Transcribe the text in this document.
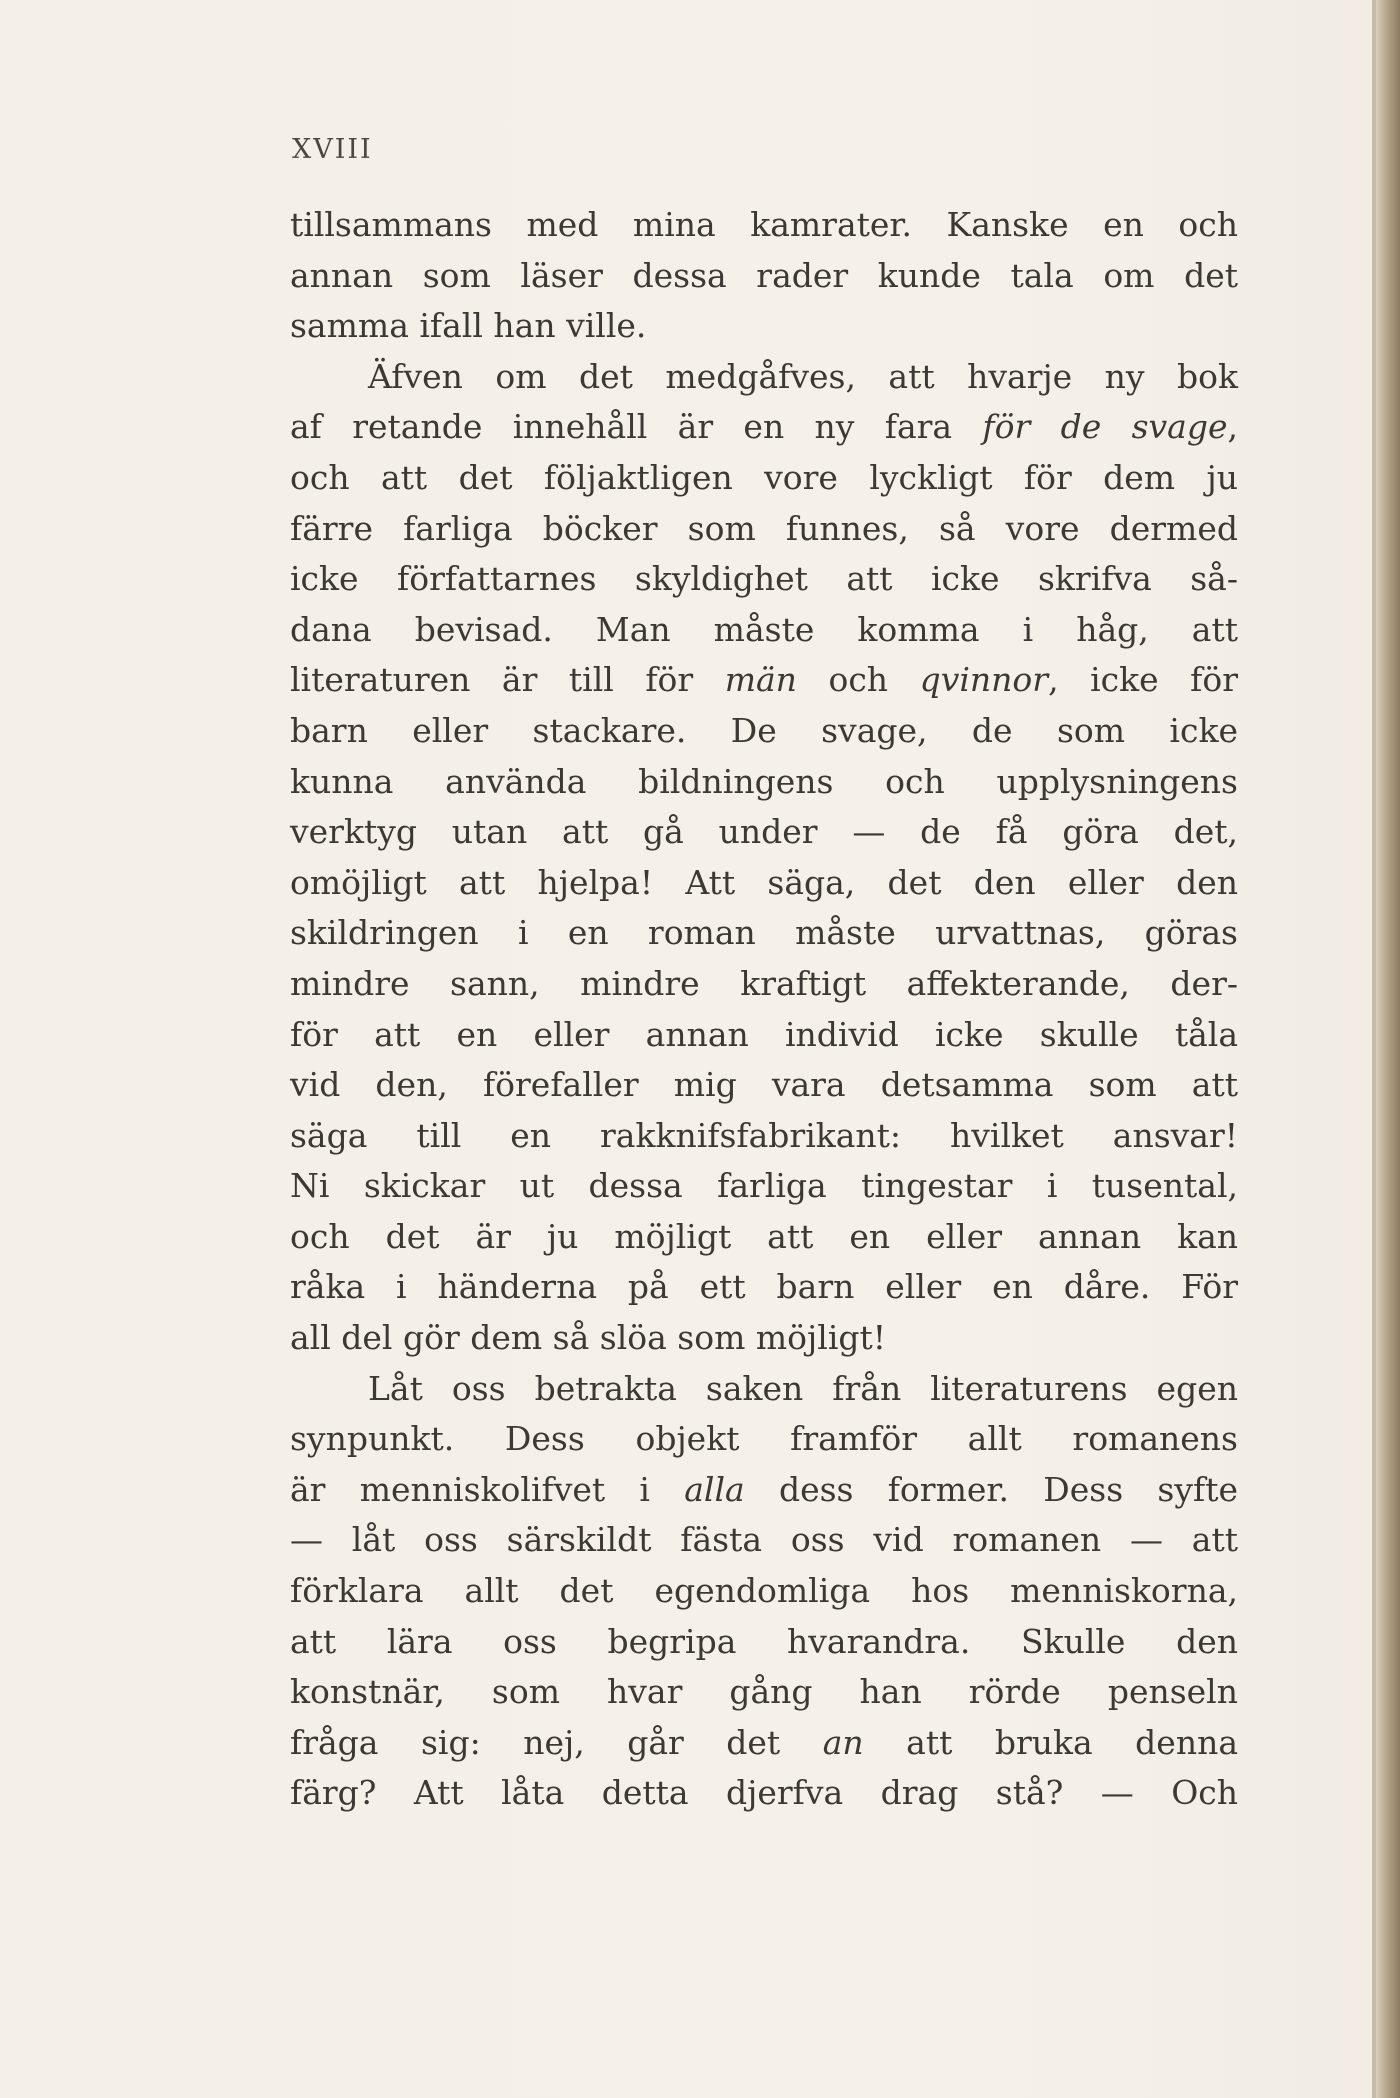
XVIII
tillsammans med mina kamrater. Kanske en och
annan som läser dessa rader kunde tala om det
samma ifall han ville.
Äfven om det medgåfves, att hvarje ny bok
af retande innehåll är en ny fara för de svage,
och att det följaktligen vore lyckligt för dem ju
färre farliga böcker som funnes, så vore dermed
icke författarnes skyldighet att icke skrifva så-
dana bevisad. Man måste komma i håg, att
literaturen är till för män och qvinnor, icke för
barn eller stackare. De svage, de som icke
kunna använda bildningens och upplysningens
verktyg utan att gå under — de få göra det,
omöjligt att hjelpa! Att säga, det den eller den
skildringen i en roman måste urvattnas, göras
mindre sann, mindre kraftigt affekterande, der-
för att en eller annan individ icke skulle tåla
vid den, förefaller mig vara detsamma som att
säga till en rakknifsfabrikant: hvilket ansvar!
Ni skickar ut dessa farliga tingestar i tusental,
och det är ju möjligt att en eller annan kan
råka i händerna på ett barn eller en dåre. För
all del gör dem så slöa som möjligt!
Låt oss betrakta saken från literaturens egen
synpunkt. Dess objekt framför allt romanens
är menniskolifvet i alla dess former. Dess syfte
— låt oss särskildt fästa oss vid romanen — att
förklara allt det egendomliga hos menniskorna,
att lära oss begripa hvarandra. Skulle den
konstnär, som hvar gång han rörde penseln
fråga sig: nej, går det an att bruka denna
färg? Att låta detta djerfva drag stå? — Och
